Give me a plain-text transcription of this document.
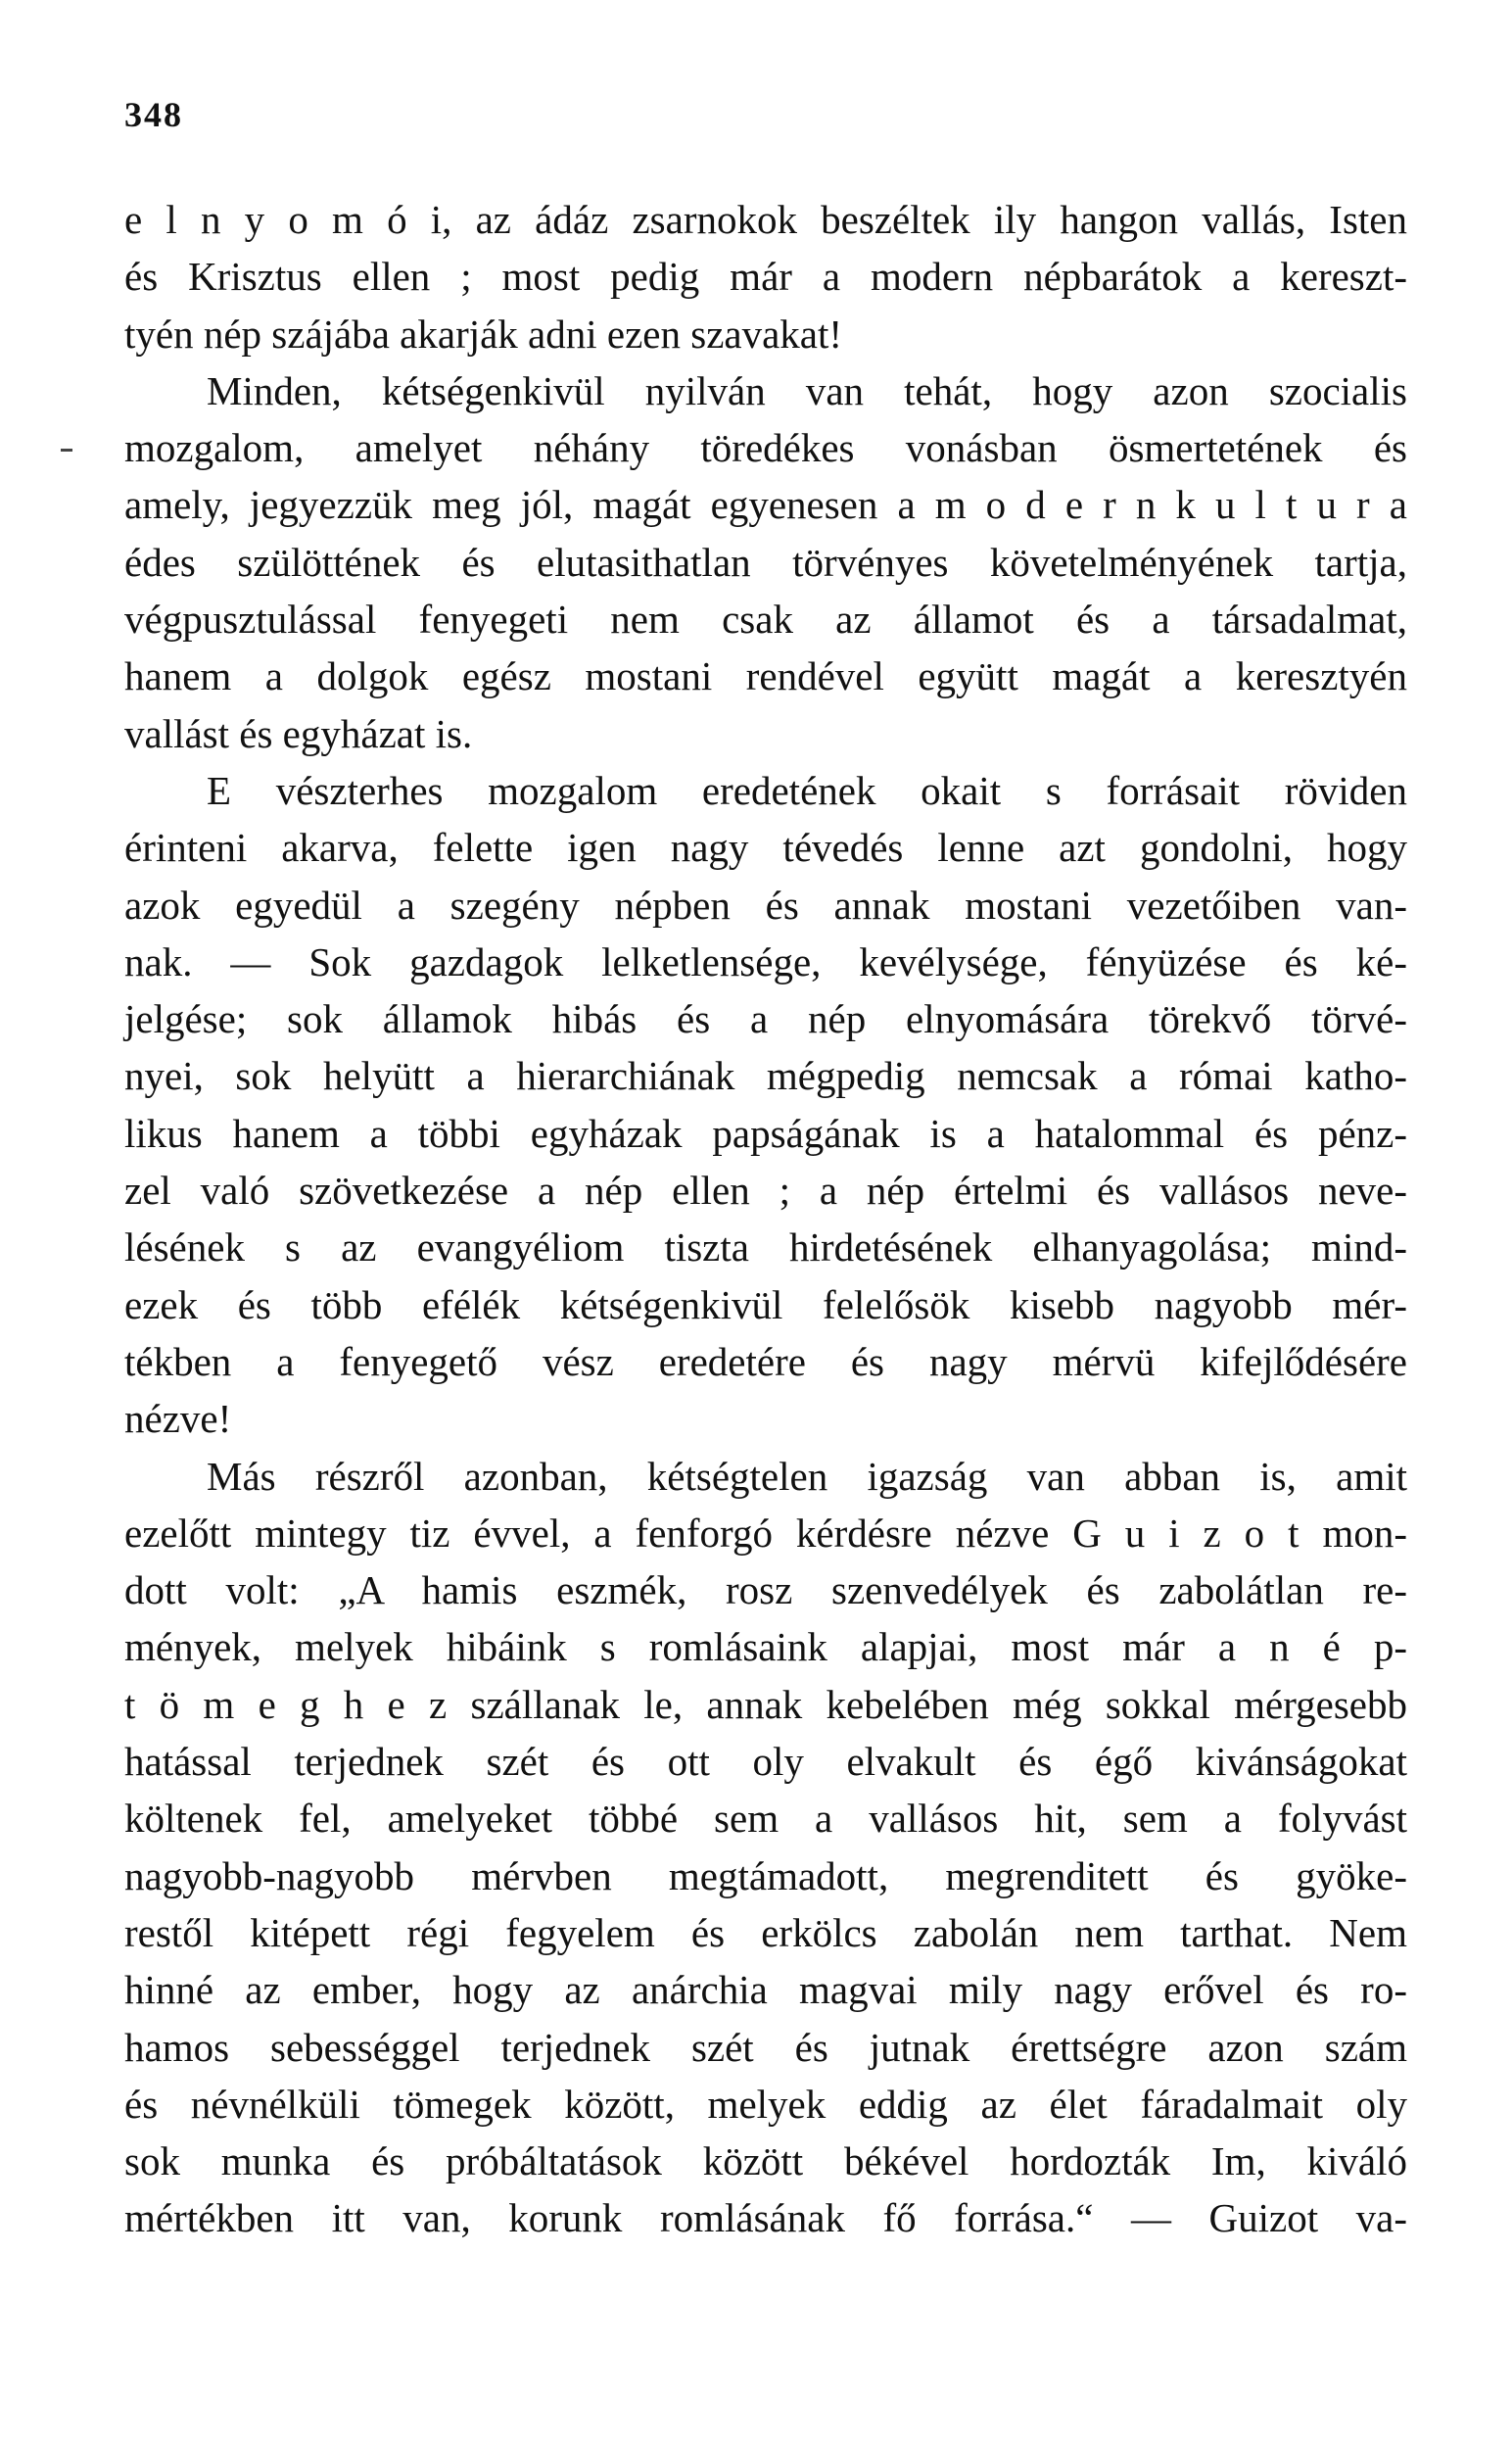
348
e l n y o m ó i, az ádáz zsarnokok beszéltek ily hangon vallás, Isten
és Krisztus ellen ; most pedig már a modern népbarátok a kereszt-
tyén nép szájába akarják adni ezen szavakat!
Minden, kétségenkivül nyilván van tehát, hogy azon szocialis
mozgalom, amelyet néhány töredékes vonásban ösmertetének és
amely, jegyezzük meg jól, magát egyenesen a m o d e r n k u l t u r a
édes szülöttének és elutasithatlan törvényes követelményének tartja,
végpusztulással fenyegeti nem csak az államot és a társadalmat,
hanem a dolgok egész mostani rendével együtt magát a keresztyén
vallást és egyházat is.
E vészterhes mozgalom eredetének okait s forrásait röviden
érinteni akarva, felette igen nagy tévedés lenne azt gondolni, hogy
azok egyedül a szegény népben és annak mostani vezetőiben van-
nak. — Sok gazdagok lelketlensége, kevélysége, fényüzése és ké-
jelgése; sok államok hibás és a nép elnyomására törekvő törvé-
nyei, sok helyütt a hierarchiának mégpedig nemcsak a római katho-
likus hanem a többi egyházak papságának is a hatalommal és pénz-
zel való szövetkezése a nép ellen ; a nép értelmi és vallásos neve-
lésének s az evangyéliom tiszta hirdetésének elhanyagolása; mind-
ezek és több efélék kétségenkivül felelősök kisebb nagyobb mér-
tékben a fenyegető vész eredetére és nagy mérvü kifejlődésére
nézve!
Más részről azonban, kétségtelen igazság van abban is, amit
ezelőtt mintegy tiz évvel, a fenforgó kérdésre nézve G u i z o t mon-
dott volt: „A hamis eszmék, rosz szenvedélyek és zabolátlan re-
mények, melyek hibáink s romlásaink alapjai, most már a n é p-
t ö m e g h e z szállanak le, annak kebelében még sokkal mérgesebb
hatással terjednek szét és ott oly elvakult és égő kivánságokat
költenek fel, amelyeket többé sem a vallásos hit, sem a folyvást
nagyobb-nagyobb mérvben megtámadott, megrenditett és gyöke-
restől kitépett régi fegyelem és erkölcs zabolán nem tarthat. Nem
hinné az ember, hogy az anárchia magvai mily nagy erővel és ro-
hamos sebességgel terjednek szét és jutnak érettségre azon szám
és névnélküli tömegek között, melyek eddig az élet fáradalmait oly
sok munka és próbáltatások között békével hordozták Im, kiváló
mértékben itt van, korunk romlásának fő forrása.“ — Guizot va-
